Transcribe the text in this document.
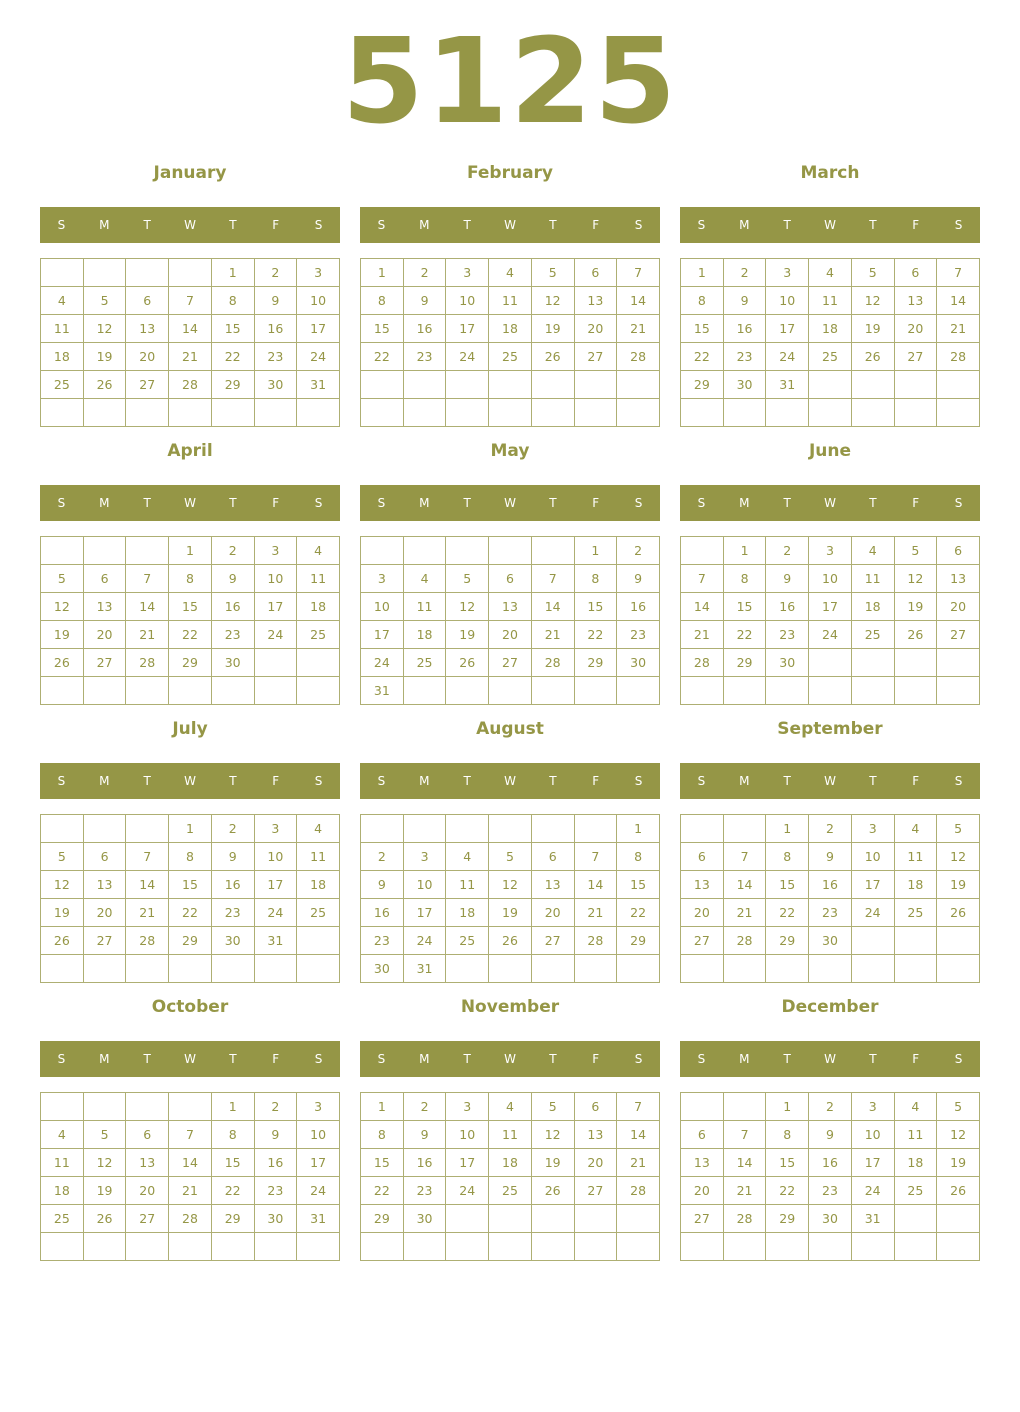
5125
January
S	M	T	W	T	F	S
				1	2	3
4	5	6	7	8	9	10
11	12	13	14	15	16	17
18	19	20	21	22	23	24
25	26	27	28	29	30	31

February
S	M	T	W	T	F	S
1	2	3	4	5	6	7
8	9	10	11	12	13	14
15	16	17	18	19	20	21
22	23	24	25	26	27	28

March
S	M	T	W	T	F	S
1	2	3	4	5	6	7
8	9	10	11	12	13	14
15	16	17	18	19	20	21
22	23	24	25	26	27	28
29	30	31				

April
S	M	T	W	T	F	S
			1	2	3	4
5	6	7	8	9	10	11
12	13	14	15	16	17	18
19	20	21	22	23	24	25
26	27	28	29	30		

May
S	M	T	W	T	F	S
					1	2
3	4	5	6	7	8	9
10	11	12	13	14	15	16
17	18	19	20	21	22	23
24	25	26	27	28	29	30
31						
June
S	M	T	W	T	F	S
	1	2	3	4	5	6
7	8	9	10	11	12	13
14	15	16	17	18	19	20
21	22	23	24	25	26	27
28	29	30				

July
S	M	T	W	T	F	S
			1	2	3	4
5	6	7	8	9	10	11
12	13	14	15	16	17	18
19	20	21	22	23	24	25
26	27	28	29	30	31	

August
S	M	T	W	T	F	S
						1
2	3	4	5	6	7	8
9	10	11	12	13	14	15
16	17	18	19	20	21	22
23	24	25	26	27	28	29
30	31					
September
S	M	T	W	T	F	S
		1	2	3	4	5
6	7	8	9	10	11	12
13	14	15	16	17	18	19
20	21	22	23	24	25	26
27	28	29	30			

October
S	M	T	W	T	F	S
				1	2	3
4	5	6	7	8	9	10
11	12	13	14	15	16	17
18	19	20	21	22	23	24
25	26	27	28	29	30	31

November
S	M	T	W	T	F	S
1	2	3	4	5	6	7
8	9	10	11	12	13	14
15	16	17	18	19	20	21
22	23	24	25	26	27	28
29	30					

December
S	M	T	W	T	F	S
		1	2	3	4	5
6	7	8	9	10	11	12
13	14	15	16	17	18	19
20	21	22	23	24	25	26
27	28	29	30	31		
